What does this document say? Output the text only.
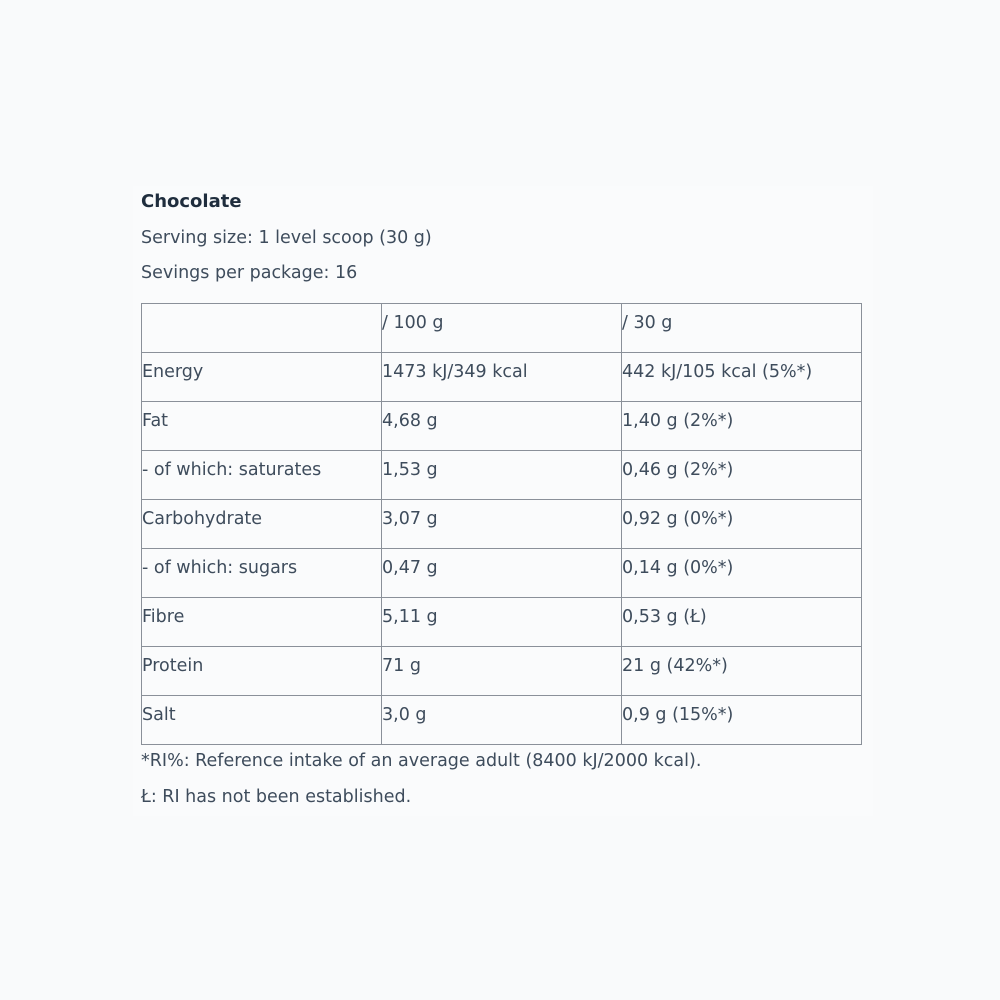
Chocolate
Serving size: 1 level scoop (30 g)
Sevings per package: 16

	/ 100 g	/ 30 g

Energy	1473 kJ/349 kcal	442 kJ/105 kcal (5%*)

Fat	4,68 g	1,40 g (2%*)

- of which: saturates	1,53 g	0,46 g (2%*)

Carbohydrate	3,07 g	0,92 g (0%*)

- of which: sugars	0,47 g	0,14 g (0%*)

Fibre	5,11 g	0,53 g (Ł)

Protein	71 g	21 g (42%*)

Salt	3,0 g	0,9 g (15%*)
*RI%: Reference intake of an average adult (8400 kJ/2000 kcal).
Ł: RI has not been established.
